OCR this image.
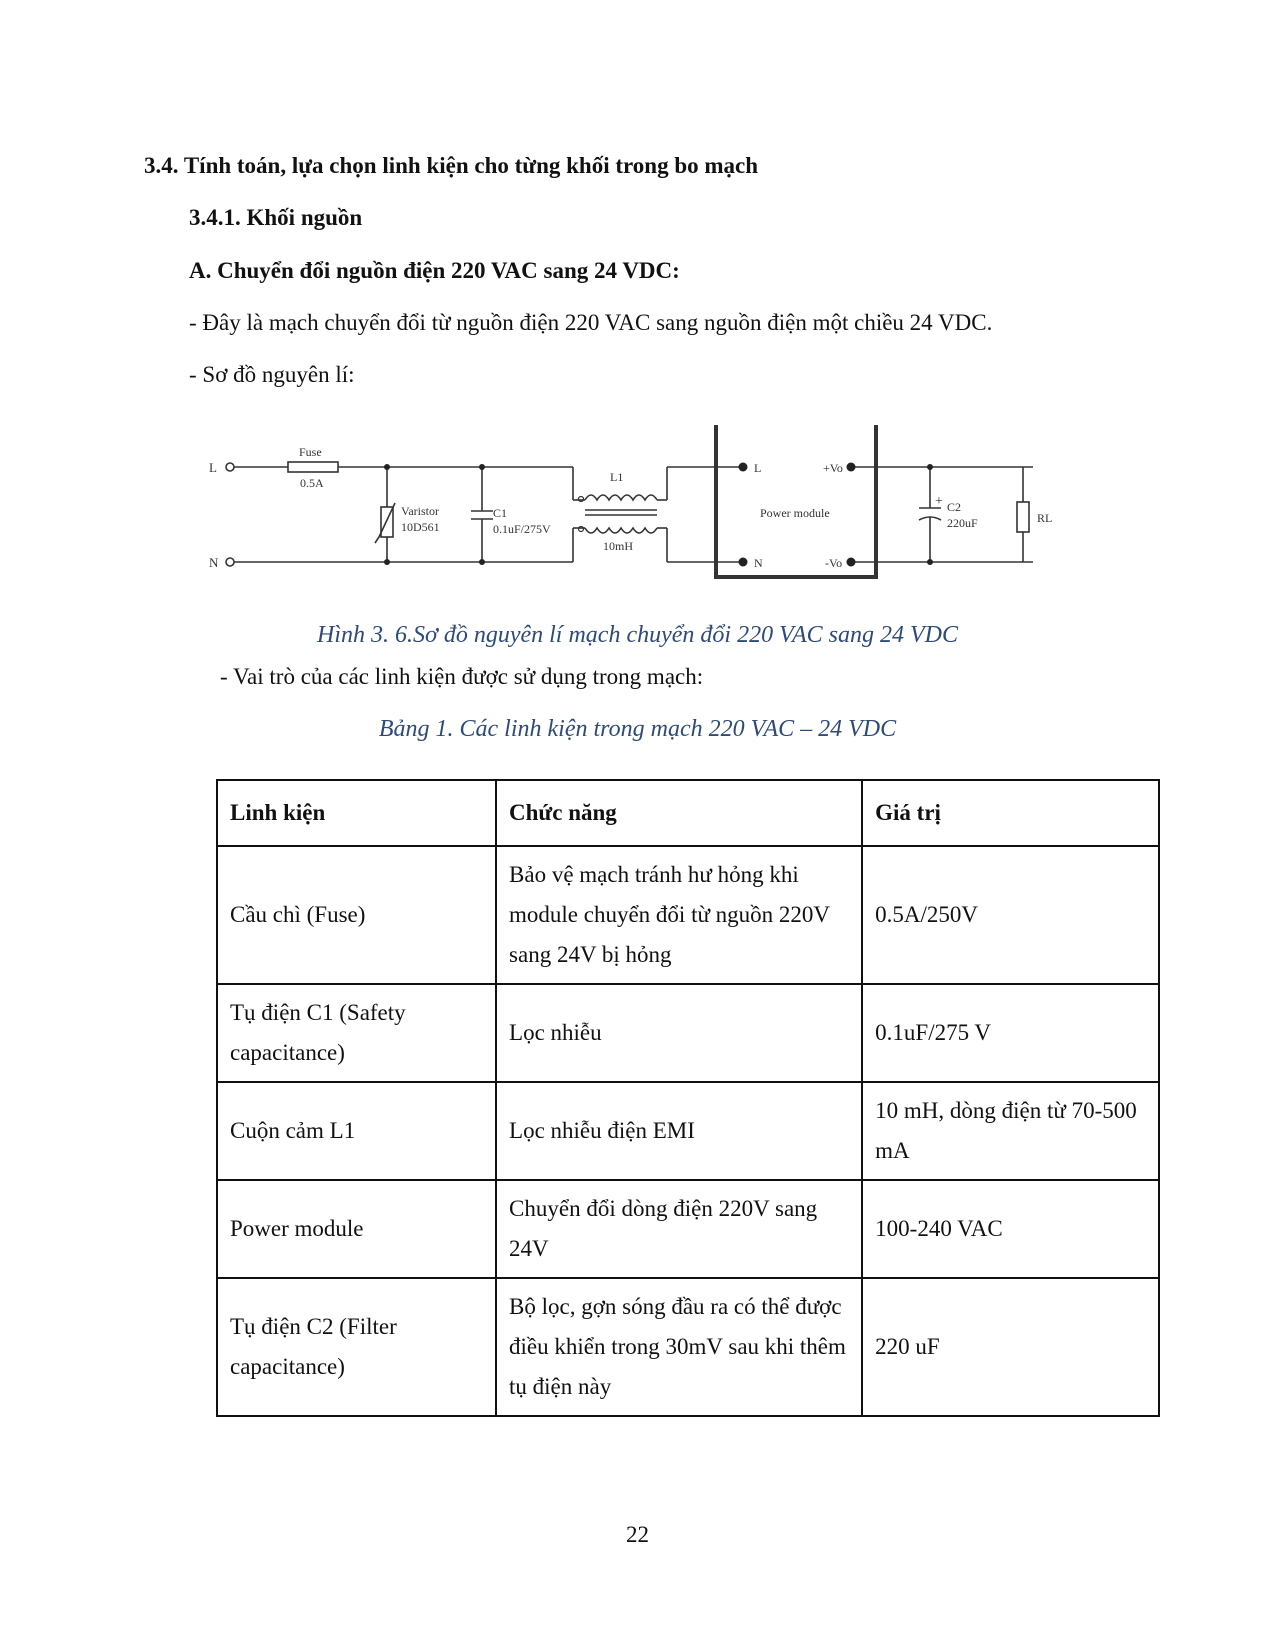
3.4. Tính toán, lựa chọn linh kiện cho từng khối trong bo mạch
3.4.1. Khối nguồn
A. Chuyển đổi nguồn điện 220 VAC sang 24 VDC:
- Đây là mạch chuyển đổi từ nguồn điện 220 VAC sang nguồn điện một chiều 24 VDC.
- Sơ đồ nguyên lí:
L
N
Fuse
0.5A
Varistor
10D561
C1
0.1uF/275V
L1
10mH
L
N
+Vo
-Vo
Power module
+ C2
220uF	RL
Hình 3. 6.Sơ đồ nguyên lí mạch chuyển đổi 220 VAC sang 24 VDC
- Vai trò của các linh kiện được sử dụng trong mạch:
Bảng 1. Các linh kiện trong mạch 220 VAC – 24 VDC
Linh kiện	Chức năng	Giá trị
Cầu chì (Fuse)	Bảo vệ mạch tránh hư hỏng khi module chuyển đổi từ nguồn 220V sang 24V bị hỏng	0.5A/250V
Tụ điện C1 (Safety capacitance)	Lọc nhiễu	0.1uF/275 V
Cuộn cảm L1	Lọc nhiễu điện EMI	10 mH, dòng điện từ 70-500 mA
Power module	Chuyển đổi dòng điện 220V sang 24V	100-240 VAC
Tụ điện C2 (Filter capacitance)	Bộ lọc, gợn sóng đầu ra có thể được điều khiển trong 30mV sau khi thêm tụ điện này	220 uF
22
